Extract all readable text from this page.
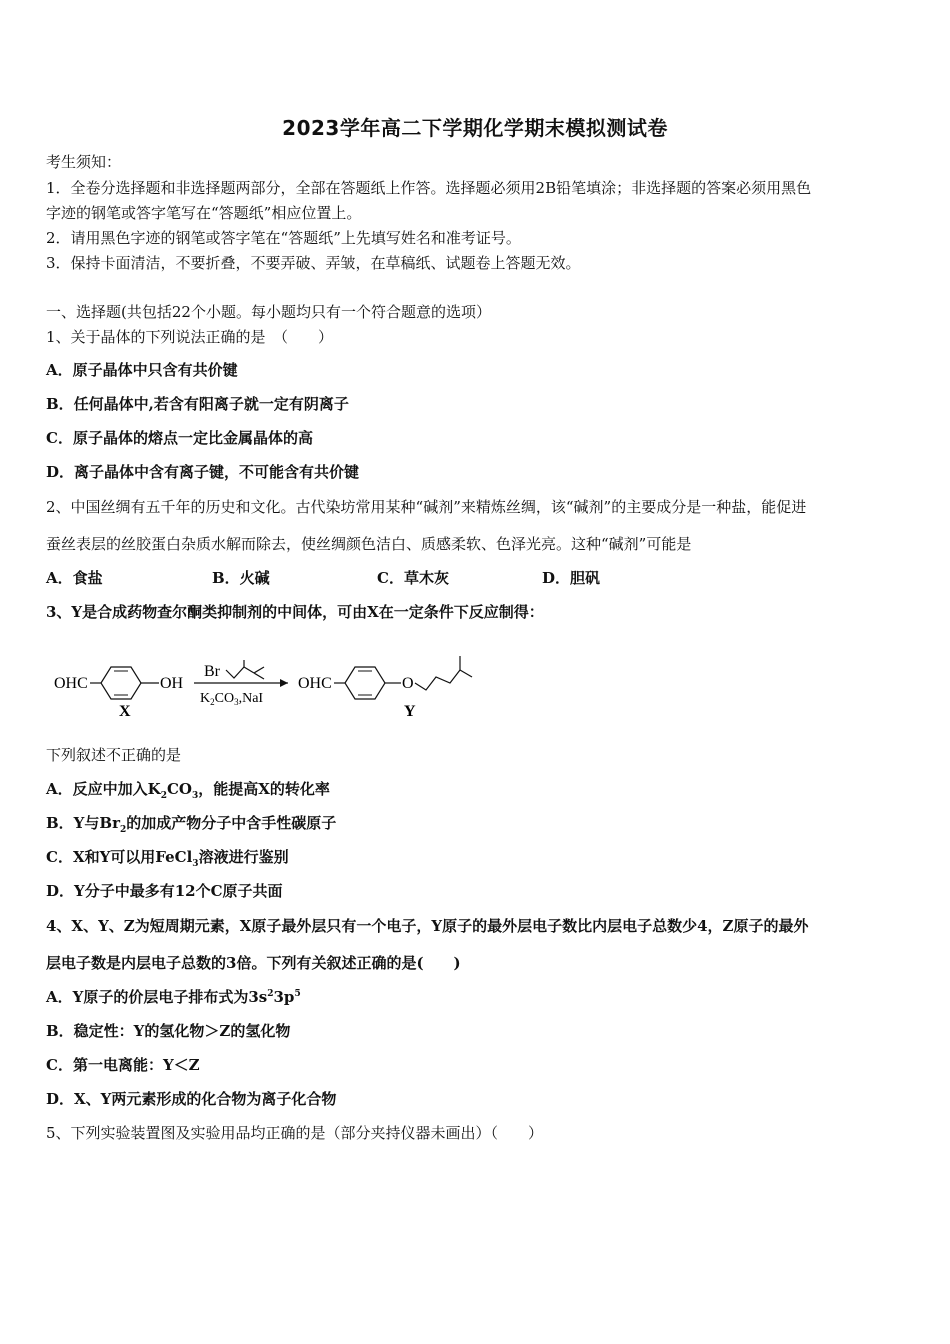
2023学年高二下学期化学期末模拟测试卷
考生须知：
1．全卷分选择题和非选择题两部分，全部在答题纸上作答。选择题必须用2B铅笔填涂；非选择题的答案必须用黑色
字迹的钢笔或答字笔写在“答题纸”相应位置上。
2．请用黑色字迹的钢笔或答字笔在“答题纸”上先填写姓名和准考证号。
3．保持卡面清洁，不要折叠，不要弄破、弄皱，在草稿纸、试题卷上答题无效。
一、选择题(共包括22个小题。每小题均只有一个符合题意的选项）
1、关于晶体的下列说法正确的是　（　　）
A．原子晶体中只含有共价键
B．任何晶体中,若含有阳离子就一定有阴离子
C．原子晶体的熔点一定比金属晶体的高
D．离子晶体中含有离子键，不可能含有共价键
2、中国丝绸有五千年的历史和文化。古代染坊常用某种“碱剂”来精炼丝绸，该“碱剂”的主要成分是一种盐，能促进
蚕丝表层的丝胶蛋白杂质水解而除去，使丝绸颜色洁白、质感柔软、色泽光亮。这种“碱剂”可能是
A．食盐	B．火碱	C．草木灰	D．胆矾
3、Y是合成药物查尔酮类抑制剂的中间体，可由X在一定条件下反应制得：
OHC	OH
X
Br
$K_2CO_3,NaI$
OHC	O
Y
下列叙述不正确的是
A．反应中加入$K_2CO_3$，能提高X的转化率
B．Y与$Br_2$的加成产物分子中含手性碳原子
C．X和Y可以用FeCl$_3$溶液进行鉴别
D．Y分子中最多有12个C原子共面
4、X、Y、Z为短周期元素，X原子最外层只有一个电子，Y原子的最外层电子数比内层电子总数少4，Z原子的最外
层电子数是内层电子总数的3倍。下列有关叙述正确的是(　　)
A．Y原子的价层电子排布式为$3s^23p^5$
B．稳定性：Y的氢化物＞Z的氢化物
C．第一电离能：Y＜Z
D．X、Y两元素形成的化合物为离子化合物
5、下列实验装置图及实验用品均正确的是（部分夹持仪器未画出）（　　）
